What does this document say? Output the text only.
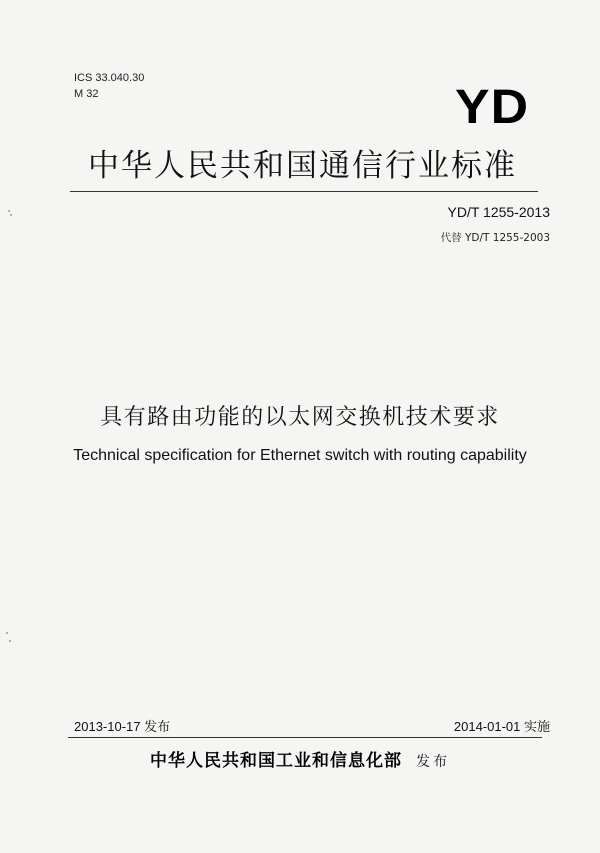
ICS 33.040.30
M 32	YD
中华人民共和国通信行业标准
YD/T 1255-2013
代替 YD/T 1255-2003
具有路由功能的以太网交换机技术要求
Technical specification for Ethernet switch with routing capability
2013-10-17 发布	2014-01-01 实施
中华人民共和国工业和信息化部 发布
